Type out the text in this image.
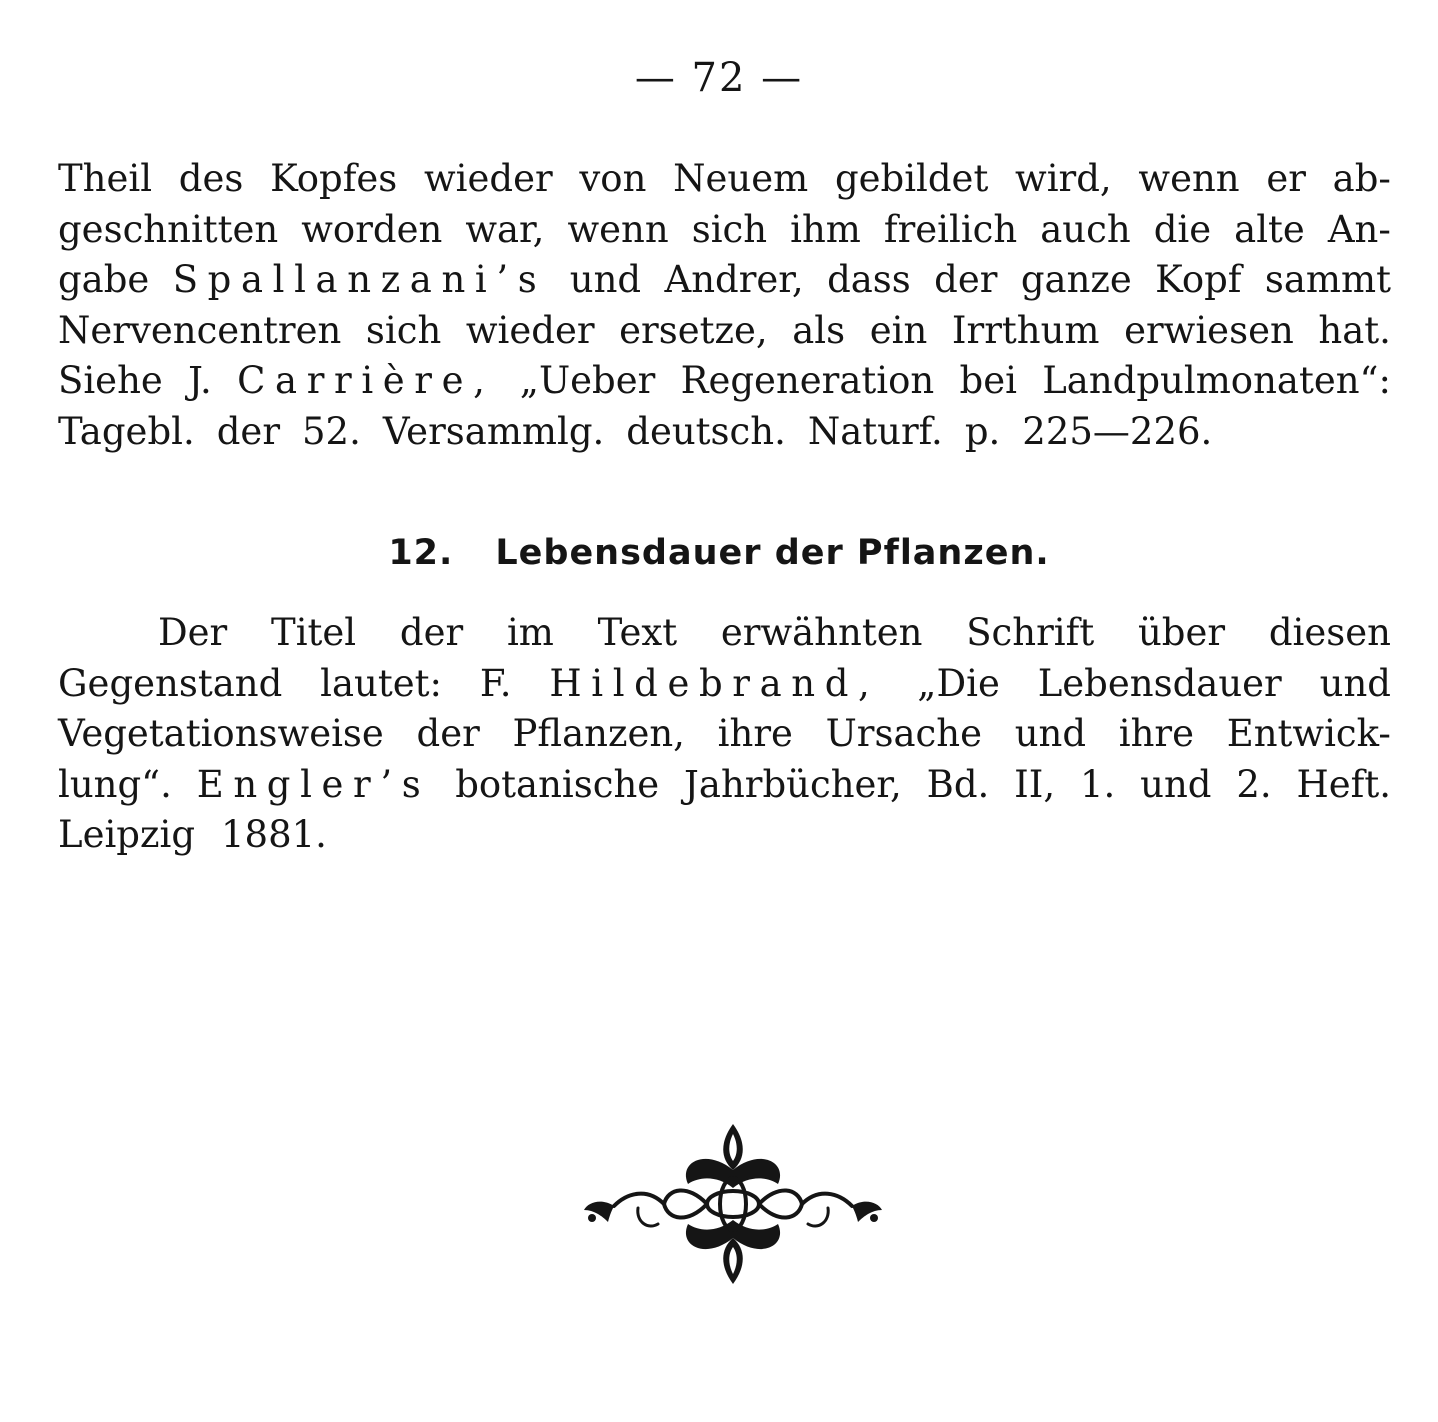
— 72 —
Theil des Kopfes wieder von Neuem gebildet wird, wenn er ab-
geschnitten worden war, wenn sich ihm freilich auch die alte An-
gabe Spallanzani’s und Andrer, dass der ganze Kopf sammt
Nervencentren sich wieder ersetze, als ein Irrthum erwiesen hat.
Siehe J. Carrière, „Ueber Regeneration bei Landpulmonaten“:
Tagebl. der 52. Versammlg. deutsch. Naturf. p. 225—226.
12. Lebensdauer der Pflanzen.
Der Titel der im Text erwähnten Schrift über diesen
Gegenstand lautet: F. Hildebrand, „Die Lebensdauer und
Vegetationsweise der Pflanzen, ihre Ursache und ihre Entwick-
lung“. Engler’s botanische Jahrbücher, Bd. II, 1. und 2. Heft.
Leipzig 1881.
